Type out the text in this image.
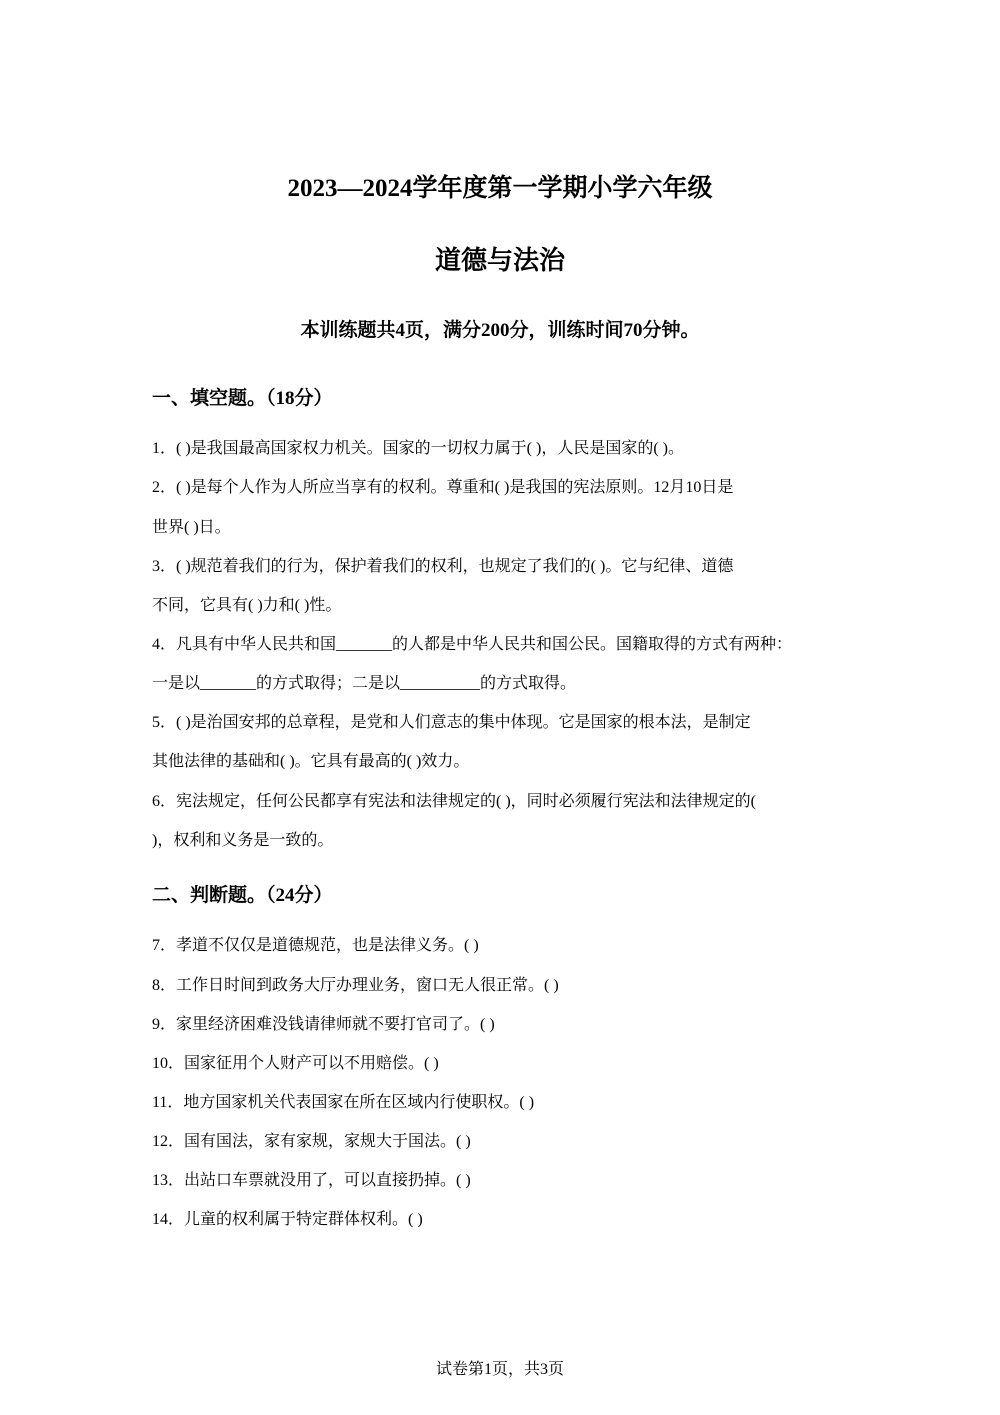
2023—2024学年度第一学期小学六年级
道德与法治

本训练题共4页，满分200分，训练时间70分钟。

一、填空题。（18分）

1．( )是我国最高国家权力机关。国家的一切权力属于( )，人民是国家的( )。

2．( )是每个人作为人所应当享有的权利。尊重和( )是我国的宪法原则。12月10日是

世界( )日。

3．( )规范着我们的行为，保护着我们的权利，也规定了我们的( )。它与纪律、道德

不同，它具有( )力和( )性。

4．凡具有中华人民共和国_______的人都是中华人民共和国公民。国籍取得的方式有两种：

一是以_______的方式取得；二是以__________的方式取得。

5．( )是治国安邦的总章程，是党和人们意志的集中体现。它是国家的根本法，是制定

其他法律的基础和( )。它具有最高的( )效力。

6．宪法规定，任何公民都享有宪法和法律规定的( )，同时必须履行宪法和法律规定的(

)，权利和义务是一致的。

二、判断题。（24分）

7．孝道不仅仅是道德规范，也是法律义务。( )

8．工作日时间到政务大厅办理业务，窗口无人很正常。( )

9．家里经济困难没钱请律师就不要打官司了。( )

10．国家征用个人财产可以不用赔偿。( )

11．地方国家机关代表国家在所在区域内行使职权。( )

12．国有国法，家有家规，家规大于国法。( )

13．出站口车票就没用了，可以直接扔掉。( )

14．儿童的权利属于特定群体权利。( )

试卷第1页，共3页
